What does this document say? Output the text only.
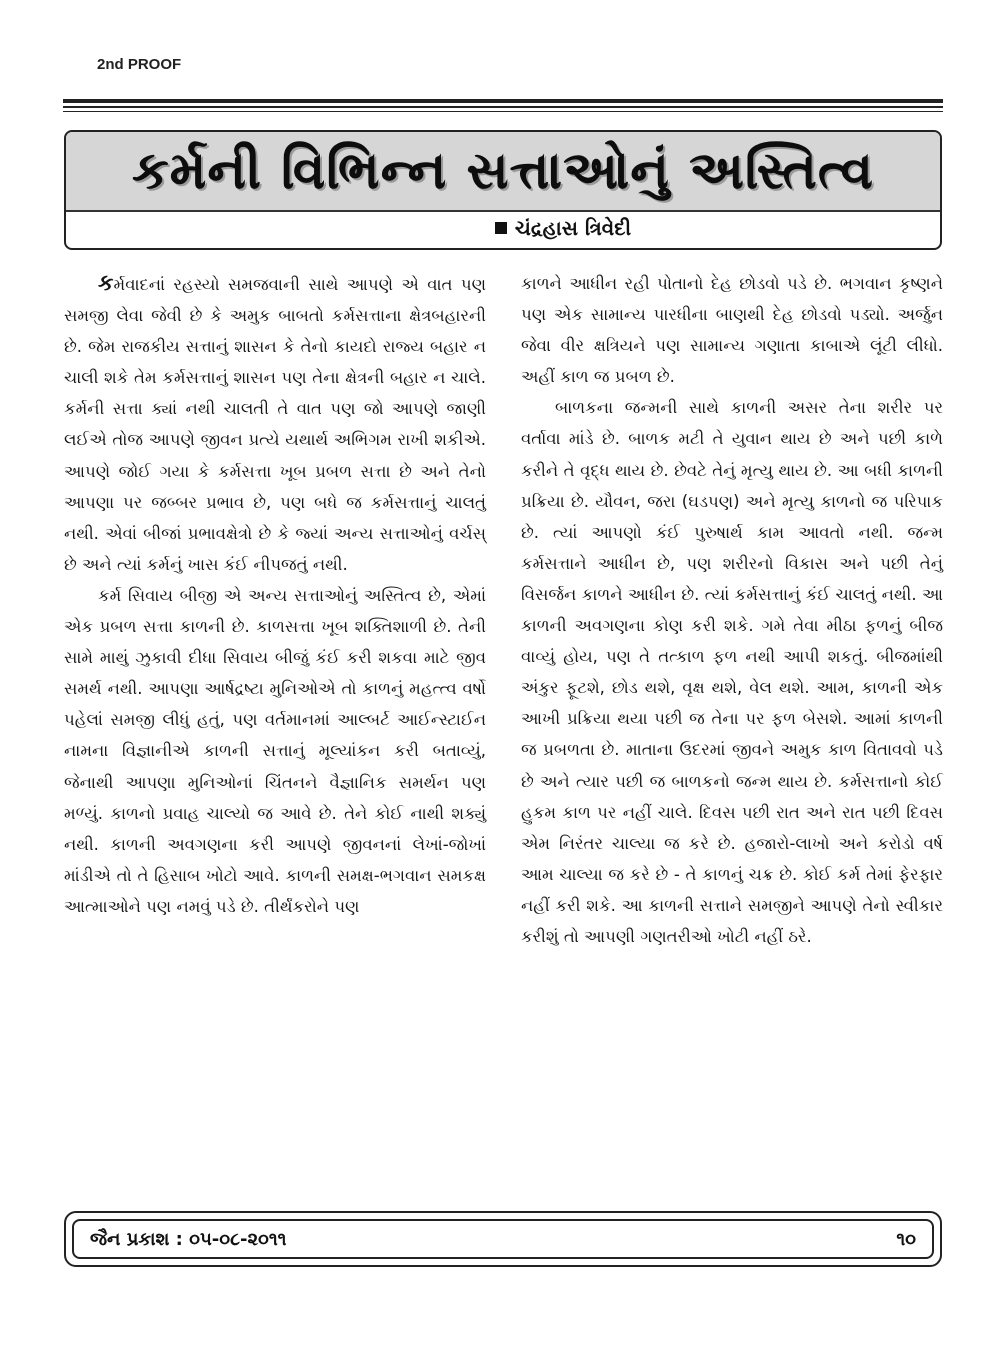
2nd PROOF
કર્મની વિભિન્ન સત્તાઓનું અસ્તિત્વ
ચંદ્રહાસ ત્રિવેદી

કર્મવાદનાં રહસ્યો સમજવાની સાથે આપણે એ વાત પણ સમજી લેવા જેવી છે કે અમુક બાબતો કર્મસત્તાના ક્ષેત્રબહારની છે. જેમ રાજકીય સત્તાનું શાસન કે તેનો કાયદો રાજ્ય બહાર ન ચાલી શકે તેમ કર્મસત્તાનું શાસન પણ તેના ક્ષેત્રની બહાર ન ચાલે. કર્મની સત્તા ક્યાં નથી ચાલતી તે વાત પણ જો આપણે જાણી લઈએ તોજ આપણે જીવન પ્રત્યે યથાર્થ અભિગમ રાખી શકીએ. આપણે જોઈ ગયા કે કર્મસત્તા ખૂબ પ્રબળ સત્તા છે અને તેનો આપણા પર જબ્બર પ્રભાવ છે, પણ બધે જ કર્મસત્તાનું ચાલતું નથી. એવાં બીજાં પ્રભાવક્ષેત્રો છે કે જ્યાં અન્ય સત્તાઓનું વર્ચસ્ છે અને ત્યાં કર્મનું ખાસ કંઈ નીપજતું નથી.

કર્મ સિવાય બીજી એ અન્ય સત્તાઓનું અસ્તિત્વ છે, એમાં એક પ્રબળ સત્તા કાળની છે. કાળસત્તા ખૂબ શક્તિશાળી છે. તેની સામે માથું ઝુકાવી દીધા સિવાય બીજું કંઈ કરી શકવા માટે જીવ સમર્થ નથી. આપણા આર્ષદ્રષ્ટા મુનિઓએ તો કાળનું મહત્ત્વ વર્ષો પહેલાં સમજી લીધું હતું, પણ વર્તમાનમાં આલ્બર્ટ આઈન્સ્ટાઈન નામના વિજ્ઞાનીએ કાળની સત્તાનું મૂલ્યાંકન કરી બતાવ્યું, જેનાથી આપણા મુનિઓનાં ચિંતનને વૈજ્ઞાનિક સમર્થન પણ મળ્યું. કાળનો પ્રવાહ ચાલ્યો જ આવે છે. તેને કોઈ નાથી શક્યું નથી. કાળની અવગણના કરી આપણે જીવનનાં લેખાં-જોખાં માંડીએ તો તે હિસાબ ખોટો આવે. કાળની સમક્ષ-ભગવાન સમકક્ષ આત્માઓને પણ નમવું પડે છે. તીર્થંકરોને પણ

કાળને આધીન રહી પોતાનો દેહ છોડવો પડે છે. ભગવાન કૃષ્ણને પણ એક સામાન્ય પારધીના બાણથી દેહ છોડવો પડ્યો. અર્જુન જેવા વીર ક્ષત્રિયને પણ સામાન્ય ગણાતા કાબાએ લૂંટી લીધો. અહીં કાળ જ પ્રબળ છે.

બાળકના જન્મની સાથે કાળની અસર તેના શરીર પર વર્તાવા માંડે છે. બાળક મટી તે યુવાન થાય છે અને પછી કાળે કરીને તે વૃદ્ધ થાય છે. છેવટે તેનું મૃત્યુ થાય છે. આ બધી કાળની પ્રક્રિયા છે. યૌવન, જરા (ઘડપણ) અને મૃત્યુ કાળનો જ પરિપાક છે. ત્યાં આપણો કંઈ પુરુષાર્થ કામ આવતો નથી. જન્મ કર્મસત્તાને આધીન છે, પણ શરીરનો વિકાસ અને પછી તેનું વિસર્જન કાળને આધીન છે. ત્યાં કર્મસત્તાનું કંઈ ચાલતું નથી. આ કાળની અવગણના કોણ કરી શકે. ગમે તેવા મીઠા ફળનું બીજ વાવ્યું હોય, પણ તે તત્કાળ ફળ નથી આપી શકતું. બીજમાંથી અંકુર ફૂટશે, છોડ થશે, વૃક્ષ થશે, વેલ થશે. આમ, કાળની એક આખી પ્રક્રિયા થયા પછી જ તેના પર ફળ બેસશે. આમાં કાળની જ પ્રબળતા છે. માતાના ઉદરમાં જીવને અમુક કાળ વિતાવવો પડે છે અને ત્યાર પછી જ બાળકનો જન્મ થાય છે. કર્મસત્તાનો કોઈ હુકમ કાળ પર નહીં ચાલે. દિવસ પછી રાત અને રાત પછી દિવસ એમ નિરંતર ચાલ્યા જ કરે છે. હજારો-લાખો અને કરોડો વર્ષ આમ ચાલ્યા જ કરે છે - તે કાળનું ચક્ર છે. કોઈ કર્મ તેમાં ફેરફાર નહીં કરી શકે. આ કાળની સત્તાને સમજીને આપણે તેનો સ્વીકાર કરીશું તો આપણી ગણતરીઓ ખોટી નહીં ઠરે.

જૈન પ્રકાશ : ૦૫-૦૮-૨૦૧૧	૧૦
